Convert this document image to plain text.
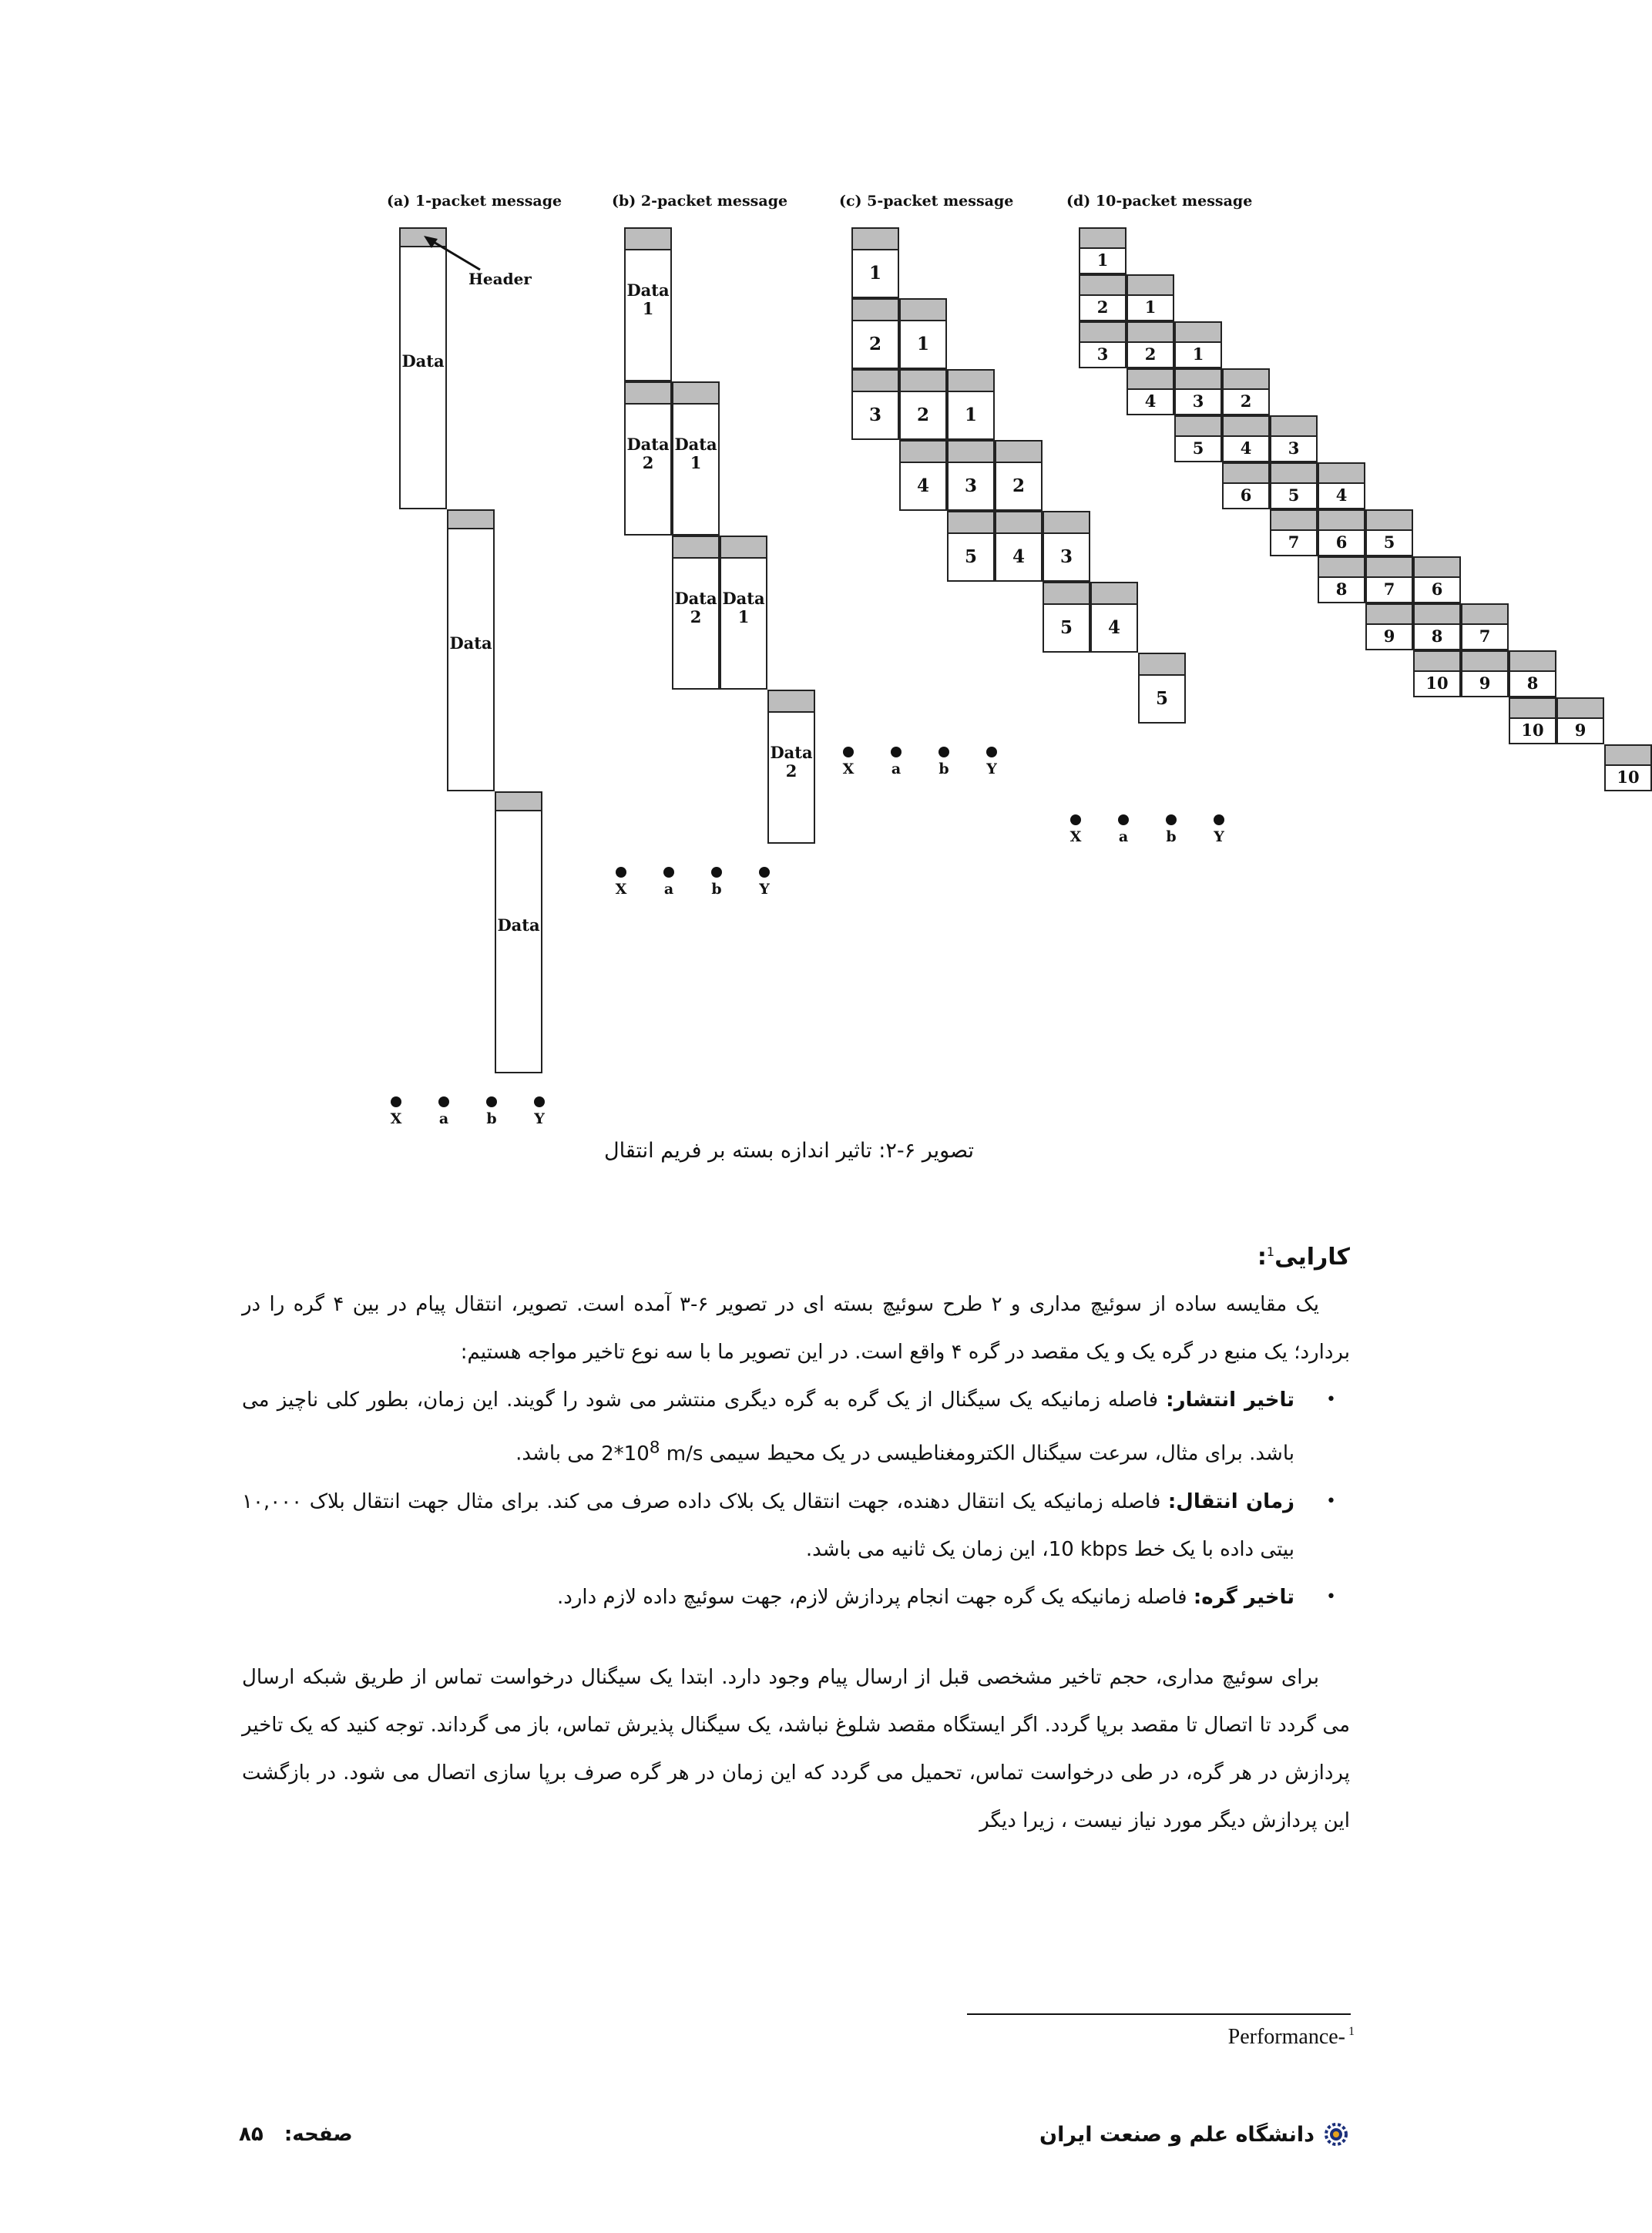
(a) 1-packet message
Data
Data
Data
X	a	b	Y
Header
(b) 2-packet message
Data
1
Data
2
Data
1
Data
2
Data
1
Data
2
X	a	b	Y
(c) 5-packet message
1
2 1
3 2 1
4 3 2
5 4 3
5 4
5
X	a	b	Y
(d) 10-packet message
1
2 1
3 2 1
4 3 2
5 4 3
6 5 4
7 6 5
8 7 6
9 8 7
10 9 8
10 9
10
X	a	b	Y
تصویر ۶-۲: تاثیر اندازه بسته بر فریم انتقال
کارایی$^1$:

یک مقایسه ساده از سوئیچ مداری و ۲ طرح سوئیچ بسته ای در تصویر ۶-۳ آمده است. تصویر، انتقال پیام در بین ۴ گره را در بردارد؛ یک منبع در گره یک و یک مقصد در گره ۴ واقع است. در این تصویر ما با سه نوع تاخیر مواجه هستیم:

• تاخیر انتشار: فاصله زمانیکه یک سیگنال از یک گره به گره دیگری منتشر می شود را گویند. این زمان، بطور کلی ناچیز می باشد. برای مثال، سرعت سیگنال الکترومغناطیسی در یک محیط سیمی $2*10^8$ m/s می باشد.
• زمان انتقال: فاصله زمانیکه یک انتقال دهنده، جهت انتقال یک بلاک داده صرف می کند. برای مثال جهت انتقال بلاک ۱۰,۰۰۰ بیتی داده با یک خط 10 kbps، این زمان یک ثانیه می باشد.
• تاخیر گره: فاصله زمانیکه یک گره جهت انجام پردازش لازم، جهت سوئیچ داده لازم دارد.

برای سوئیچ مداری، حجم تاخیر مشخصی قبل از ارسال پیام وجود دارد. ابتدا یک سیگنال درخواست تماس از طریق شبکه ارسال می گردد تا اتصال تا مقصد برپا گردد. اگر ایستگاه مقصد شلوغ نباشد، یک سیگنال پذیرش تماس، باز می گرداند. توجه کنید که یک تاخیر پردازش در هر گره، در طی درخواست تماس، تحمیل می گردد که این زمان در هر گره صرف برپا سازی اتصال می شود. در بازگشت این پردازش دیگر مورد نیاز نیست ، زیرا دیگر

Performance- $^1$
صفحه:   ۸۵	دانشگاه علم و صنعت ایران
